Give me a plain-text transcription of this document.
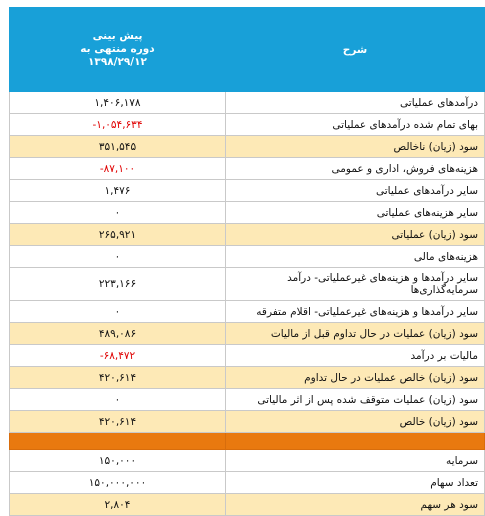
شرح	پیش بینی
دوره منتهی به
۱۳۹۸/۲۹/۱۲

درآمدهای عملیاتی	۱,۴۰۶,۱۷۸
بهای تمام شده درآمدهای عملیاتی	-۱,۰۵۴,۶۳۴
سود (زیان) ناخالص	۳۵۱,۵۴۵
هزینه‌های فروش، اداری و عمومی	-۸۷,۱۰۰
سایر درآمدهای عملیاتی	۱,۴۷۶
سایر هزینه‌های عملیاتی	۰
سود (زیان) عملیاتی	۲۶۵,۹۲۱
هزینه‌های مالی	۰
سایر درآمدها و هزینه‌های غیرعملیاتی- درآمد سرمایه‌گذاری‌ها	۲۲۳,۱۶۶
سایر درآمدها و هزینه‌های غیرعملیاتی- اقلام متفرقه	۰
سود (زیان) عملیات در حال تداوم قبل از مالیات	۴۸۹,۰۸۶
مالیات بر درآمد	-۶۸,۴۷۲
سود (زیان) خالص عملیات در حال تداوم	۴۲۰,۶۱۴
سود (زیان) عملیات متوقف شده پس از اثر مالیاتی	۰
سود (زیان) خالص	۴۲۰,۶۱۴

سرمایه	۱۵۰,۰۰۰
تعداد سهام	۱۵۰,۰۰۰,۰۰۰
سود هر سهم	۲,۸۰۴
